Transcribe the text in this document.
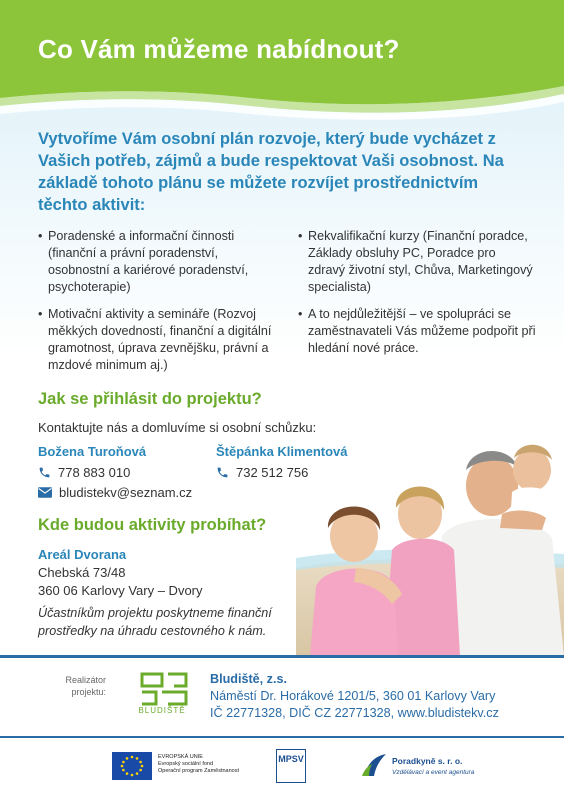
Co Vám můžeme nabídnout?

Vytvoříme Vám osobní plán rozvoje, který bude vycházet z Vašich potřeb, zájmů a bude respektovat Vaši osobnost. Na základě tohoto plánu se můžete rozvíjet prostřednictvím těchto aktivit:

• Poradenské a informační činnosti (finanční a právní poradenství, osobnostní a kariérové poradenství, psychoterapie)
• Motivační aktivity a semináře (Rozvoj měkkých dovedností, finanční a digitální gramotnost, úprava zevnějšku, právní a mzdové minimum aj.)
• Rekvalifikační kurzy (Finanční poradce, Základy obsluhy PC, Poradce pro zdravý životní styl, Chůva, Marketingový specialista)
• A to nejdůležitější – ve spolupráci se zaměstnavateli Vás můžeme podpořit při hledání nové práce.
Jak se přihlásit do projektu?

Kontaktujte nás a domluvíme si osobní schůzku:

Božena Turoňová
778 883 010
bludistekv@seznam.cz
Štěpánka Klimentová
732 512 756
Kde budou aktivity probíhat?

Areál Dvorana
Chebská 73/48
360 06 Karlovy Vary – Dvory

Účastníkům projektu poskytneme finanční prostředky na úhradu cestovného k nám.

Realizátor projektu:

BLUDIŠTĚ

Bludiště, z.s.
Náměstí Dr. Horákové 1201/5, 360 01 Karlovy Vary
IČ 22771328, DIČ CZ 22771328, www.bludistekv.cz

EVROPSKÁ UNIE
Evropský sociální fond
Operační program Zaměstnanost
MPSV	Poradkyně s. r. o.
Vzdělávací a event agentura
